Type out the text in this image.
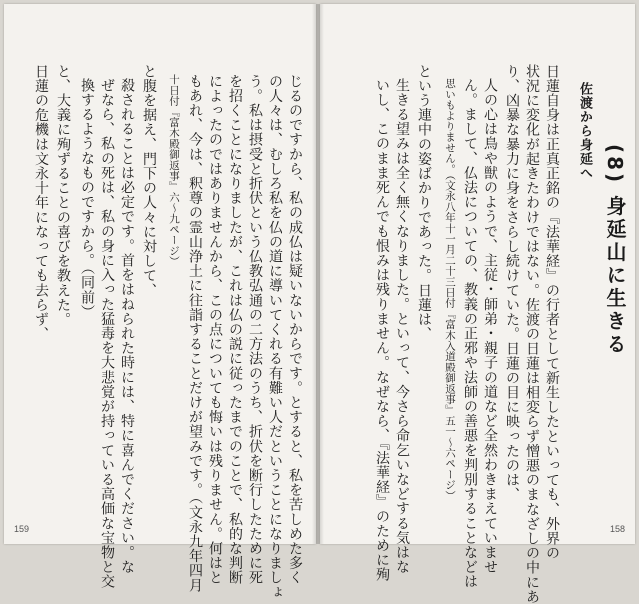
じるのですから、私の成仏は疑いないからです。とすると、私を苦しめた多く
の人々は、むしろ私を仏の道に導いてくれる有難い人だということになりましょ
う。私は摂受と折伏という仏教弘通の二方法のうち、折伏を断行したために死
を招くことになりましたが、これは仏の説に従ったまでのことで、私的な判断
によったのではありませんから、この点についても悔いは残りません。何はと
もあれ、今は、釈尊の霊山浄土に往詣することだけが望みです。（文永九年四月
十日付『富木殿御返事』六〜九ページ）
と腹を据え、門下の人々に対して、
殺されることは必定です。首をはねられた時には、特に喜んでください。な
ぜなら、私の死は、私の身に入った猛毒を大悲覚が持っている高価な宝物と交
換するようなものですから。（同前）
と、大義に殉ずることの喜びを教えた。
日蓮の危機は文永十年になっても去らず、
159
(8) 身延山に生きる
佐渡から身延へ
日蓮自身は正真正銘の『法華経』の行者として新生したといっても、外界の
状況に変化が起きたわけではない。佐渡の日蓮は相変らず憎悪のまなざしの中にあ
り、凶暴な暴力に身をさらし続けていた。日蓮の目に映ったのは、
人の心は鳥や獣のようで、主従・師弟・親子の道など全然わきまえていませ
ん。まして、仏法についての、教義の正邪や法師の善悪を判別することなどは
思いもよりません。（文永八年十一月二十三日付『富木入道殿御返事』五一〜六ページ）
という連中の姿ばかりであった。日蓮は、
生きる望みは全く無くなりました。といって、今さら命乞いなどする気はな
いし、このまま死んでも恨みは残りません。なぜなら、『法華経』のために殉	158
